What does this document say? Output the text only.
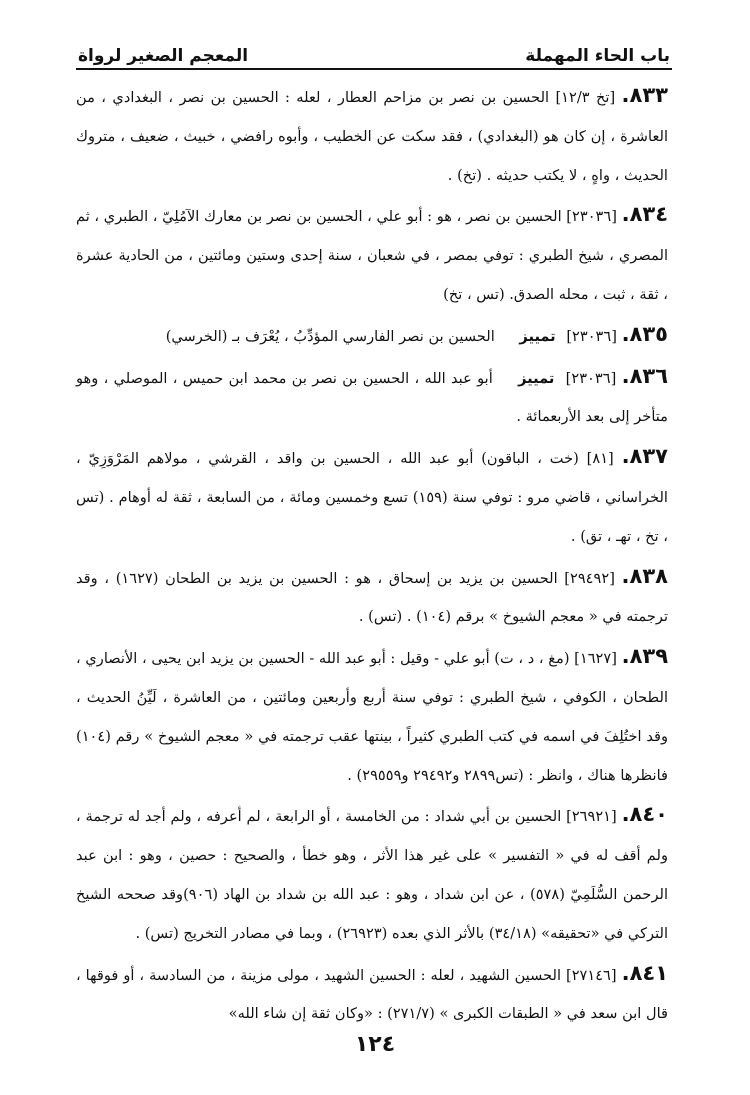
باب الحاء المهملة
المعجم الصغير لرواة

٨٣٣. [تخ ١٢/٣] الحسين بن نصر بن مزاحم العطار ، لعله : الحسين بن نصر ، البغدادي ، من العاشرة ، إن كان هو (البغدادي) ، فقد سكت عن الخطيب ، وأبوه رافضي ، خبيث ، ضعيف ، متروك الحديث ، واهٍ ، لا يكتب حديثه . (تخ) .

٨٣٤. [٢٣٠٣٦] الحسين بن نصر ، هو : أبو علي ، الحسين بن نصر بن معارك الآمُلِيّ ، الطبري ، ثم المصري ، شيخ الطبري : توفي بمصر ، في شعبان ، سنة إحدى وستين ومائتين ، من الحادية عشرة ، ثقة ، ثبت ، محله الصدق. (تس ، تخ)

٨٣٥. [٢٣٠٣٦] تمييز الحسين بن نصر الفارسي المؤدِّبُ ، يُعْرَف بـ (الخرسي)

٨٣٦. [٢٣٠٣٦] تمييز أبو عبد الله ، الحسين بن نصر بن محمد ابن حميس ، الموصلي ، وهو متأخر إلى بعد الأربعمائة .

٨٣٧. [٨١] (خت ، الباقون) أبو عبد الله ، الحسين بن واقد ، القرشي ، مولاهم المَرْوَزِيّ ، الخراساني ، قاضي مرو : توفي سنة (١٥٩) تسع وخمسين ومائة ، من السابعة ، ثقة له أوهام . (تس ، تخ ، تهـ ، تق) .

٨٣٨. [٢٩٤٩٢] الحسين بن يزيد بن إسحاق ، هو : الحسين بن يزيد بن الطحان (١٦٢٧) ، وقد ترجمته في « معجم الشيوخ » برقم (١٠٤) . (تس) .

٨٣٩. [١٦٢٧] (مغ ، د ، ت) أبو علي - وقيل : أبو عبد الله - الحسين بن يزيد ابن يحيى ، الأنصاري ، الطحان ، الكوفي ، شيخ الطبري : توفي سنة أربع وأربعين ومائتين ، من العاشرة ، لَيِّنُ الحديث ، وقد اختُلِفَ في اسمه في كتب الطبري كثيراً ، بينتها عقب ترجمته في « معجم الشيوخ » رقم (١٠٤) فانظرها هناك ، وانظر : (تس٢٨٩٩ و٢٩٤٩٢ و٢٩٥٥٩) .

٨٤٠. [٢٦٩٢١] الحسين بن أبي شداد : من الخامسة ، أو الرابعة ، لم أعرفه ، ولم أجد له ترجمة ، ولم أقف له في « التفسير » على غير هذا الأثر ، وهو خطأ ، والصحيح : حصين ، وهو : ابن عبد الرحمن السُّلَمِيّ (٥٧٨) ، عن ابن شداد ، وهو : عبد الله بن شداد بن الهاد (٩٠٦)وقد صححه الشيخ التركي في «تحقيقه» (٣٤/١٨) بالأثر الذي بعده (٢٦٩٢٣) ، وبما في مصادر التخريج (تس) .

٨٤١. [٢٧١٤٦] الحسين الشهيد ، لعله : الحسين الشهيد ، مولى مزينة ، من السادسة ، أو فوقها ، قال ابن سعد في « الطبقات الكبرى » (٢٧١/٧) : «وكان ثقة إن شاء الله»

١٢٤
